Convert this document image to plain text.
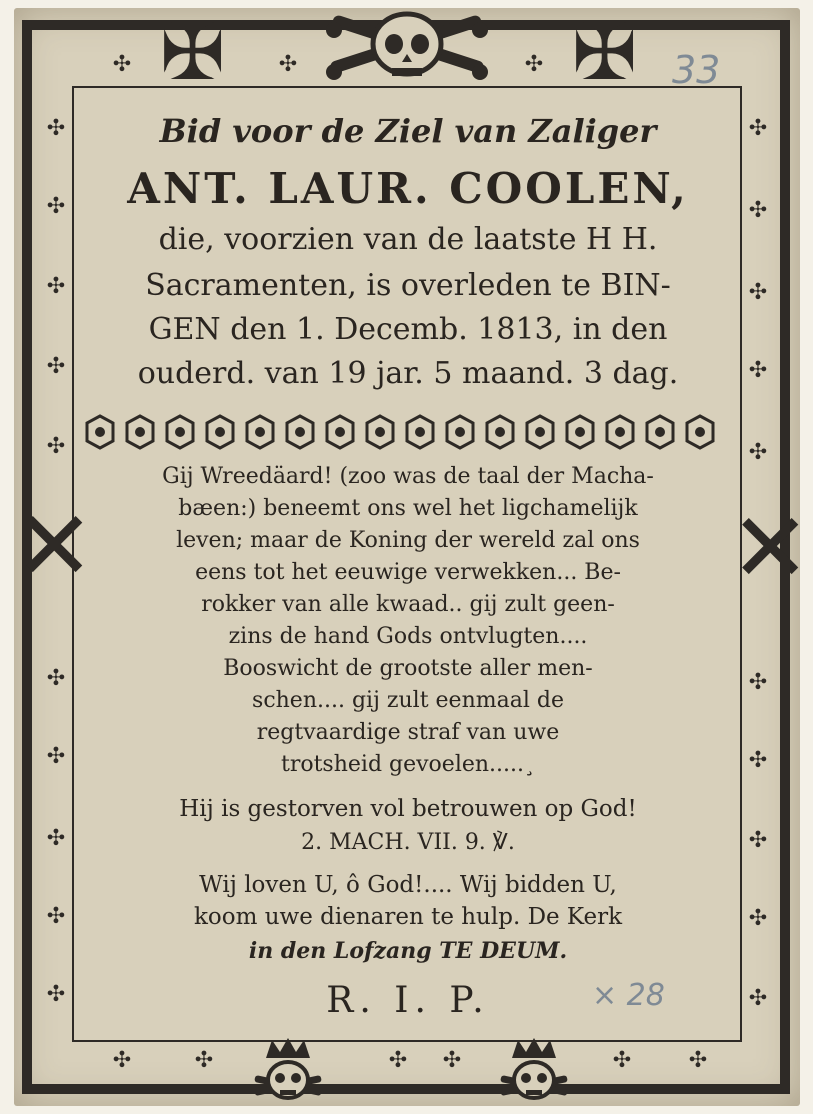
✠	✠
✣	✣	✣
✣
✣
✣
✣
✣
✣
✣
✣
✣
✣
✣
✣
✣
✣
✣
✣
✣
✣
✣
✣
✕	✕
✣	✣	✣ ✣	✣	✣
Bid voor de Ziel van Zaliger
ANT. LAUR. COOLEN,
die, voorzien van de laatste H H.
Sacramenten, is overleden te BIN-
GEN den 1. Decemb. 1813, in den
ouderd. van 19 jar. 5 maand. 3 dag.
Gij Wreedäard! (zoo was de taal der Macha-
bæen:) beneemt ons wel het ligchamelijk
leven; maar de Koning der wereld zal ons
eens tot het eeuwige verwekken... Be-
rokker van alle kwaad.. gij zult geen-
zins de hand Gods ontvlugten....
Booswicht de grootste aller men-
schen.... gij zult eenmaal de
regtvaardige straf van uwe
trotsheid gevoelen.....¸
Hij is gestorven vol betrouwen op God!
2. MACH. VII. 9. ℣.
Wij loven U, ô God!.... Wij bidden U,
koom uwe dienaren te hulp. De Kerk
in den Lofzang TE DEUM.
R. I. P.
33
× 28
